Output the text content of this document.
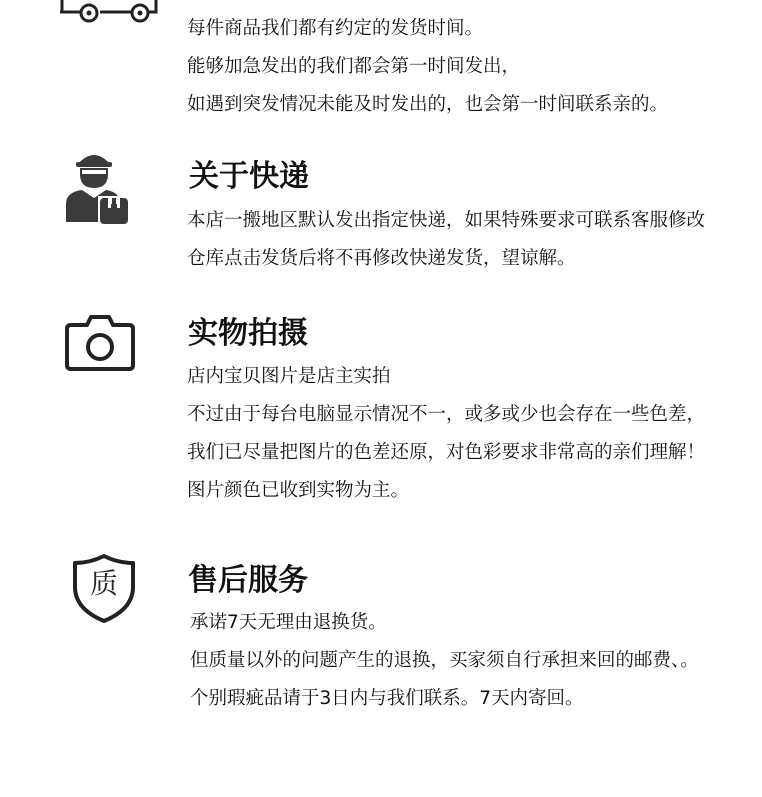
每件商品我们都有约定的发货时间。
能够加急发出的我们都会第一时间发出，
如遇到突发情况未能及时发出的，也会第一时间联系亲的。
关于快递
本店一搬地区默认发出指定快递，如果特殊要求可联系客服修改
仓库点击发货后将不再修改快递发货，望谅解。
实物拍摄
店内宝贝图片是店主实拍
不过由于每台电脑显示情况不一，或多或少也会存在一些色差，
我们已尽量把图片的色差还原，对色彩要求非常高的亲们理解！
图片颜色已收到实物为主。
质	售后服务
承诺7天无理由退换货。
但质量以外的问题产生的退换，买家须自行承担来回的邮费、。
个别瑕疵品请于3日内与我们联系。7天内寄回。
